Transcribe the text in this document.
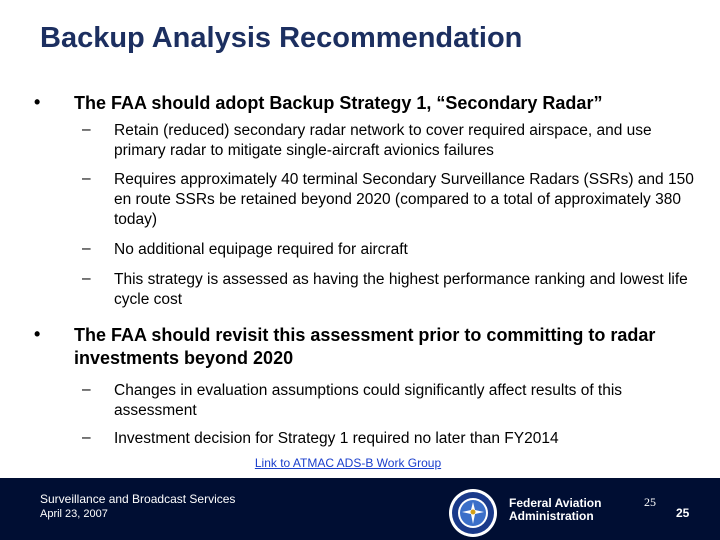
Backup Analysis Recommendation
• The FAA should adopt Backup Strategy 1, “Secondary Radar”
– Retain (reduced) secondary radar network to cover required airspace, and use primary radar to mitigate single-aircraft avionics failures
– Requires approximately 40 terminal Secondary Surveillance Radars (SSRs) and 150 en route SSRs be retained beyond 2020 (compared to a total of approximately 380 today)
– No additional equipage required for aircraft
– This strategy is assessed as having the highest performance ranking and lowest life cycle cost
• The FAA should revisit this assessment prior to committing to radar investments beyond 2020
– Changes in evaluation assumptions could significantly affect results of this assessment
– Investment decision for Strategy 1 required no later than FY2014
Link to ATMAC ADS-B Work Group
Surveillance and Broadcast Services
April 23, 2007
Federal Aviation
Administration
25
25
